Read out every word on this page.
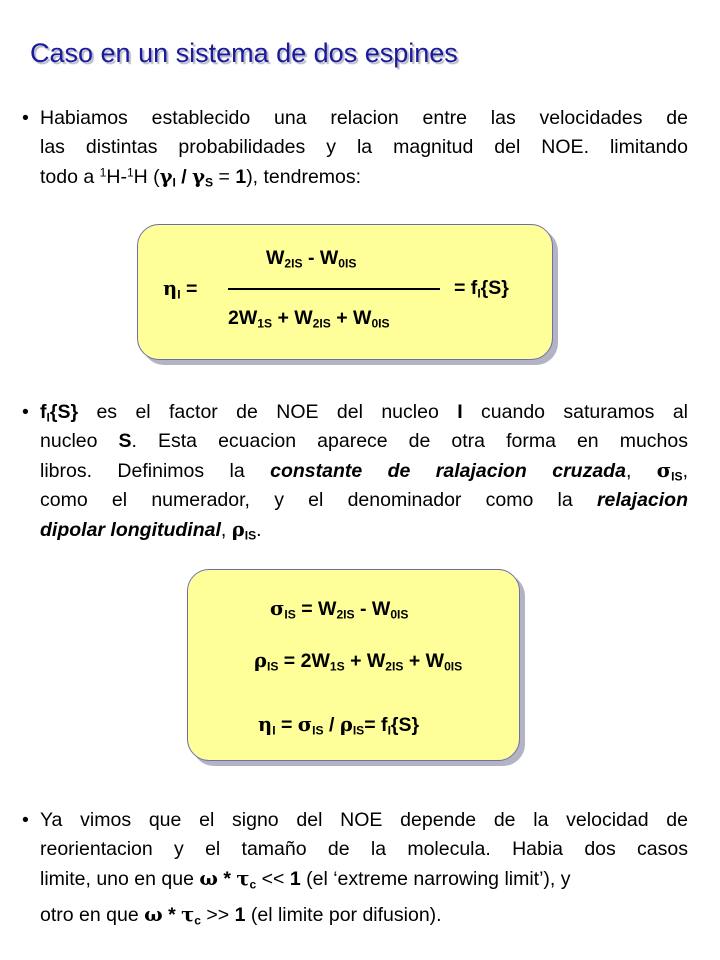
Caso en un sistema de dos espines
• Habiamos establecido una relacion entre las velocidades de
las distintas probabilidades y la magnitud del NOE. limitando
todo a $^1$H-$^1$H $(\gamma_I / \gamma_S = 1)$, tendremos:
$W_{2IS} - W_{0IS}$
$\eta_I$ =	= $f_I\{S\}$
$2W_{1S} + W_{2IS} + W_{0IS}$
• $f_I\{S\}$ es el factor de NOE del nucleo I cuando saturamos al
nucleo S. Esta ecuacion aparece de otra forma en muchos
libros. Definimos la constante de ralajacion cruzada, $\sigma_{IS}$,
como el numerador, y el denominador como la relajacion
dipolar longitudinal, $\rho_{IS}$.
$\sigma_{IS} = W_{2IS} - W_{0IS}$
$\rho_{IS} = 2W_{1S} + W_{2IS} + W_{0IS}$
$\eta_I = \sigma_{IS} / \rho_{IS}= f_I\{S\}$
• Ya vimos que el signo del NOE depende de la velocidad de
reorientacion y el tamaño de la molecula. Habia dos casos
limite, uno en que $\omega * \tau_c << 1$ (el ‘extreme narrowing limit’), y
otro en que $\omega * \tau_c >> 1$ (el limite por difusion).
